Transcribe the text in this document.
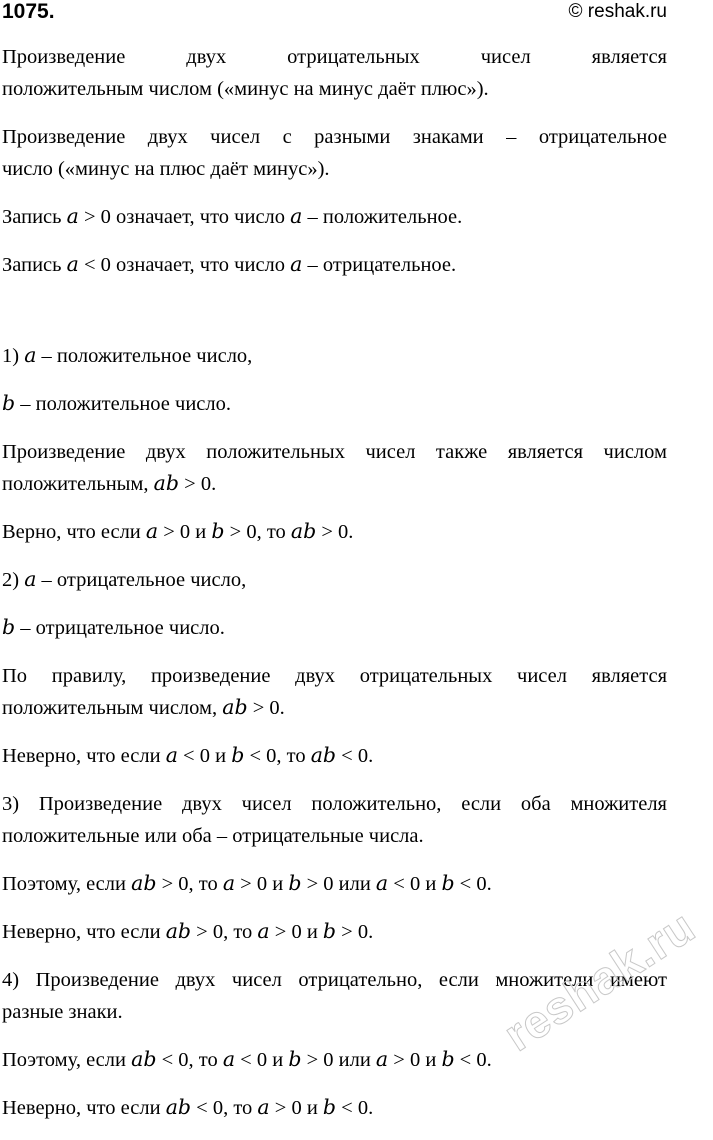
1075.	© reshak.ru
Произведение двух отрицательных чисел является
положительным числом («минус на минус даёт плюс»).
Произведение двух чисел с разными знаками – отрицательное
число («минус на плюс даёт минус»).
Запись 𝑎 > 0 означает, что число 𝑎 – положительное.
Запись 𝑎 < 0 означает, что число 𝑎 – отрицательное.
1) 𝑎 – положительное число,
𝑏 – положительное число.
Произведение двух положительных чисел также является числом
положительным, 𝑎𝑏 > 0.
Верно, что если 𝑎 > 0 и 𝑏 > 0, то 𝑎𝑏 > 0.
2) 𝑎 – отрицательное число,
𝑏 – отрицательное число.
По правилу, произведение двух отрицательных чисел является
положительным числом, 𝑎𝑏 > 0.
Неверно, что если 𝑎 < 0 и 𝑏 < 0, то 𝑎𝑏 < 0.
3) Произведение двух чисел положительно, если оба множителя
положительные или оба – отрицательные числа.
Поэтому, если 𝑎𝑏 > 0, то 𝑎 > 0 и 𝑏 > 0 или 𝑎 < 0 и 𝑏 < 0.
Неверно, что если 𝑎𝑏 > 0, то 𝑎 > 0 и 𝑏 > 0.
4) Произведение двух чисел отрицательно, если множители имеют
разные знаки.
Поэтому, если 𝑎𝑏 < 0, то 𝑎 < 0 и 𝑏 > 0 или 𝑎 > 0 и 𝑏 < 0.
Неверно, что если 𝑎𝑏 < 0, то 𝑎 > 0 и 𝑏 < 0.
reshak.ru
